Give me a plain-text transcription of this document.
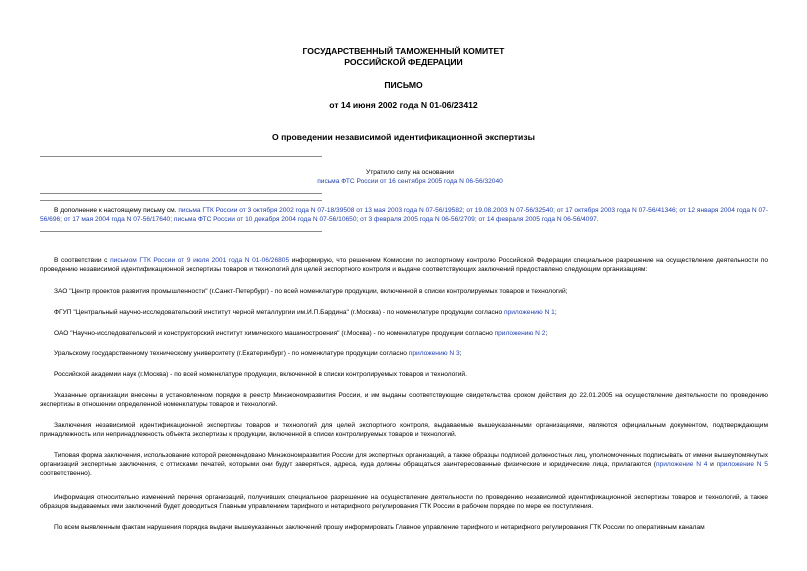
ГОСУДАРСТВЕННЫЙ ТАМОЖЕННЫЙ КОМИТЕТ
РОССИЙСКОЙ ФЕДЕРАЦИИ
ПИСЬМО
от 14 июня 2002 года N 01-06/23412
О проведении независимой идентификационной экспертизы
Утратило силу на основании
письма ФТС России от 16 сентября 2005 года N 06-56/32040
В дополнение к настоящему письму см. письма ГТК России от 3 октября 2002 года N 07-18/39508 от 13 мая 2003 года N 07-56/19582; от 19.08.2003 N 07-56/32540; от 17 октября 2003 года N 07-56/41346; от 12 января 2004 года N 07-56/696; от 17 мая 2004 года N 07-56/17640; письма ФТС России от 10 декабря 2004 года N 07-56/10650; от 3 февраля 2005 года N 06-56/2709; от 14 февраля 2005 года N 06-56/4097.
В соответствии с письмом ГТК России от 9 июля 2001 года N 01-06/26805 информирую, что решением Комиссии по экспортному контролю Российской Федерации специальное разрешение на осуществление деятельности по проведению независимой идентификационной экспертизы товаров и технологий для целей экспортного контроля и выдаче соответствующих заключений предоставлено следующим организациям:
ЗАО "Центр проектов развития промышленности" (г.Санкт-Петербург) - по всей номенклатуре продукции, включенной в списки контролируемых товаров и технологий;
ФГУП "Центральный научно-исследовательский институт черной металлургии им.И.П.Бардина" (г.Москва) - по номенклатуре продукции согласно приложению N 1;
ОАО "Научно-исследовательский и конструкторский институт химического машиностроения" (г.Москва) - по номенклатуре продукции согласно приложению N 2;
Уральскому государственному техническому университету (г.Екатеринбург) - по номенклатуре продукции согласно приложению N 3;
Российской академии наук (г.Москва) - по всей номенклатуре продукции, включенной в списки контролируемых товаров и технологий.
Указанные организации внесены в установленном порядке в реестр Минэкономразвития России, и им выданы соответствующие свидетельства сроком действия до 22.01.2005 на осуществление деятельности по проведению экспертизы в отношении определенной номенклатуры товаров и технологий.
Заключения независимой идентификационной экспертизы товаров и технологий для целей экспортного контроля, выдаваемые вышеуказанными организациями, являются официальным документом, подтверждающим принадлежность или непринадлежность объекта экспертизы к продукции, включенной в списки контролируемых товаров и технологий.
Типовая форма заключения, использование которой рекомендовано Минэкономразвития России для экспертных организаций, а также образцы подписей должностных лиц, уполномоченных подписывать от имени вышеупомянутых организаций экспертные заключения, с оттисками печатей, которыми они будут заверяться, адреса, куда должны обращаться заинтересованные физические и юридические лица, прилагаются (приложение N 4 и приложение N 5 соответственно).
Информация относительно изменений перечня организаций, получивших специальное разрешение на осуществление деятельности по проведению независимой идентификационной экспертизы товаров и технологий, а также образцов выдаваемых ими заключений будет доводиться Главным управлением тарифного и нетарифного регулирования ГТК России в рабочем порядке по мере ее поступления.
По всем выявленным фактам нарушения порядка выдачи вышеуказанных заключений прошу информировать Главное управление тарифного и нетарифного регулирования ГТК России по оперативным каналам
